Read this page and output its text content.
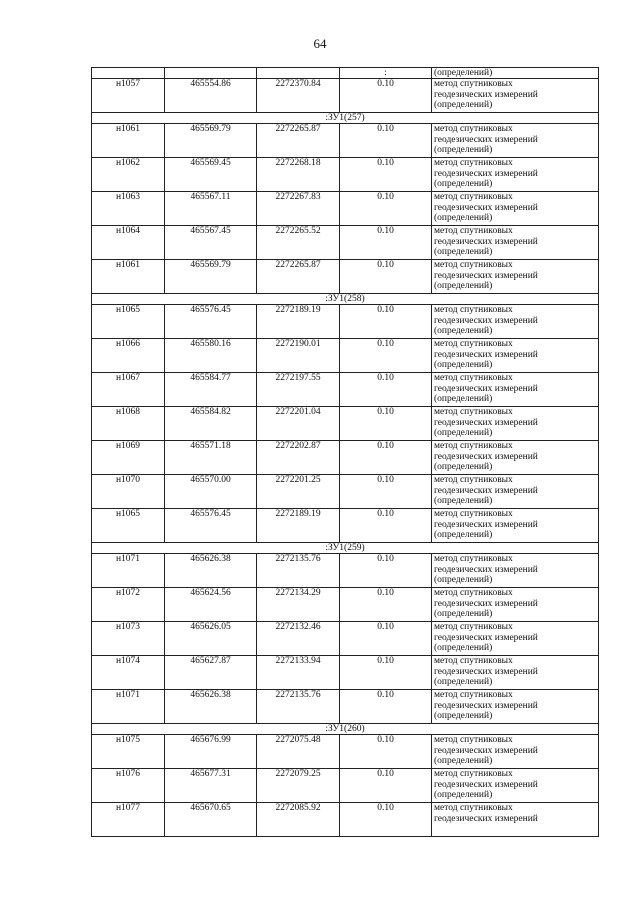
64
			:	(определений)
н1057	465554.86	2272370.84	0.10	метод спутниковых
геодезических измерений
(определений)

:ЗУ1(257)				
н1061	465569.79	2272265.87	0.10	метод спутниковых
геодезических измерений
(определений)

н1062	465569.45	2272268.18	0.10	метод спутниковых
геодезических измерений
(определений)

н1063	465567.11	2272267.83	0.10	метод спутниковых
геодезических измерений
(определений)

н1064	465567.45	2272265.52	0.10	метод спутниковых
геодезических измерений
(определений)

н1061	465569.79	2272265.87	0.10	метод спутниковых
геодезических измерений
(определений)

:ЗУ1(258)				
н1065	465576.45	2272189.19	0.10	метод спутниковых
геодезических измерений
(определений)

н1066	465580.16	2272190.01	0.10	метод спутниковых
геодезических измерений
(определений)

н1067	465584.77	2272197.55	0.10	метод спутниковых
геодезических измерений
(определений)

н1068	465584.82	2272201.04	0.10	метод спутниковых
геодезических измерений
(определений)

н1069	465571.18	2272202.87	0.10	метод спутниковых
геодезических измерений
(определений)

н1070	465570.00	2272201.25	0.10	метод спутниковых
геодезических измерений
(определений)

н1065	465576.45	2272189.19	0.10	метод спутниковых
геодезических измерений
(определений)

:ЗУ1(259)				
н1071	465626.38	2272135.76	0.10	метод спутниковых
геодезических измерений
(определений)

н1072	465624.56	2272134.29	0.10	метод спутниковых
геодезических измерений
(определений)

н1073	465626.05	2272132.46	0.10	метод спутниковых
геодезических измерений
(определений)

н1074	465627.87	2272133.94	0.10	метод спутниковых
геодезических измерений
(определений)

н1071	465626.38	2272135.76	0.10	метод спутниковых
геодезических измерений
(определений)

:ЗУ1(260)				
н1075	465676.99	2272075.48	0.10	метод спутниковых
геодезических измерений
(определений)

н1076	465677.31	2272079.25	0.10	метод спутниковых
геодезических измерений
(определений)

н1077	465670.65	2272085.92	0.10	метод спутниковых
геодезических измерений
